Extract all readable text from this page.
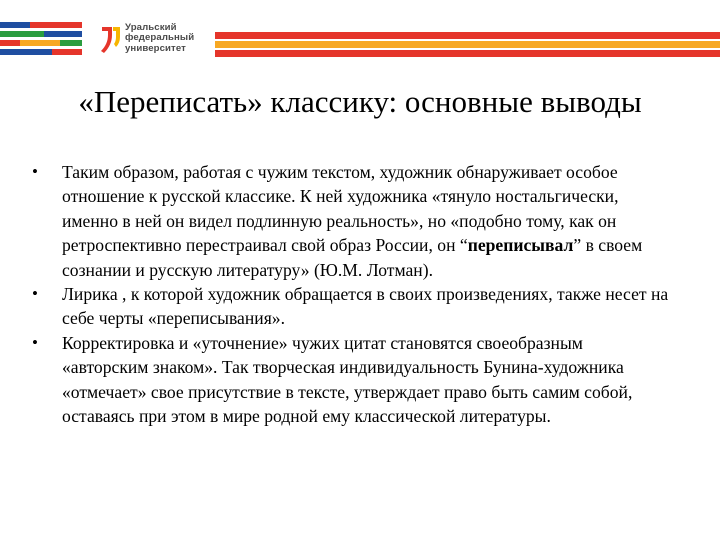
Уральский
федеральный
университет
«Переписать» классику: основные выводы
•	Таким образом, работая с чужим текстом, художник обнаруживает особое отношение к русской классике. К ней художника «тянуло ностальгически, именно в ней он видел подлинную реальность», но «подобно тому, как он ретроспективно перестраивал свой образ России, он “переписывал” в своем сознании и русскую литературу» (Ю.М. Лотман).

•	Лирика , к которой художник обращается в своих произведениях, также несет на себе черты «переписывания».

•	Корректировка и «уточнение» чужих цитат становятся своеобразным «авторским знаком». Так творческая индивидуальность Бунина-художника «отмечает» свое присутствие в тексте, утверждает право быть самим собой, оставаясь при этом в мире родной ему классической литературы.
